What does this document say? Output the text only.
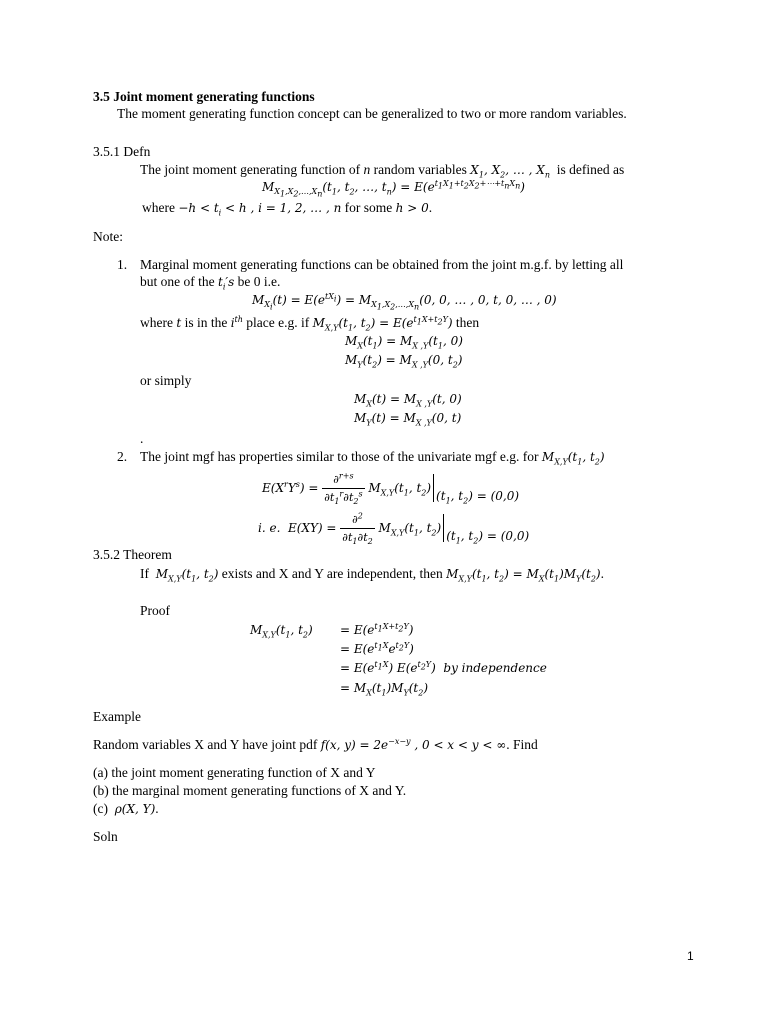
3.5 Joint moment generating functions
The moment generating function concept can be generalized to two or more random variables.
3.5.1 Defn
The joint moment generating function of n random variables $X_1$, $X_2$, … , $X_n$  is defined as
$M_{X_1,X_2,\dots,X_n}(t_1$, $t_2$, …, $t_n) = E(e^{t_1X_1+t_2X_2+\cdots+t_nX_n})$
where $-h < t_i < h$ , i = 1, 2, … , n for some h > 0.
Note:
1. Marginal moment generating functions can be obtained from the joint m.g.f. by letting all
but one of the $t_i's$ be 0 i.e.
$M_{X_i}(t) = E(e^{tX_i}) = M_{X_1,X_2,\dots,X_n}(0$, 0, … , 0, t, 0, … , 0)
where t is in the $i^{th}$ place e.g. if $M_{X,Y}(t_1$, $t_2) = E(e^{t_1X+t_2Y})$ then
$M_X(t_1) = M_{X ,Y}(t_1$, 0)
$M_Y(t_2) = M_{X ,Y}(0$, $t_2$)
or simply
$M_X(t) = M_{X ,Y}(t$, 0)
$M_Y(t) = M_{X ,Y}(0$, t)
.
2. The joint mgf has properties similar to those of the univariate mgf e.g. for $M_{X,Y}(t_1$, $t_2$)
$E(X^rY^s) = \frac{\partial^{r+s}}{\partial t_1^r\partial t_2^s} M_{X,Y}(t_1$, $t_2$)
($t_1$, $t_2) = (0,0)$
i. e.  $E(XY) = \frac{\partial^2}{\partial t_1\partial t_2} M_{X,Y}(t_1$, $t_2$)
($t_1$, $t_2) = (0,0)$
3.5.2 Theorem
If  $M_{X,Y}(t_1$, $t_2$) exists and X and Y are independent, then $M_{X,Y}(t_1$, $t_2) = M_X(t_1)M_Y(t_2)$.
Proof
$M_{X,Y}(t_1$, $t_2) = E(e^{t_1X+t_2Y})$
= $E(e^{t_1X}e^{t_2Y})$
= $E(e^{t_1X})$ $E(e^{t_2Y})$  by independence
= $M_X(t_1)M_Y(t_2)$
Example
Random variables X and Y have joint pdf f(x, $y) = 2e^{-x-y}$ , 0 < x < y < ∞. Find
(a) the joint moment generating function of X and Y
(b) the marginal moment generating functions of X and Y.
(c)  ρ(X, Y).
Soln
1
